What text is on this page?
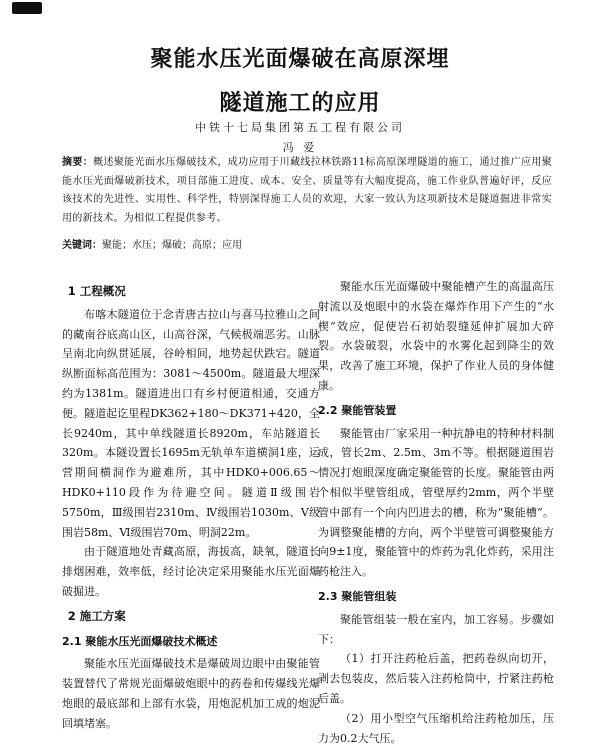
聚能水压光面爆破在高原深埋
隧道施工的应用
中铁十七局集团第五工程有限公司
冯 爱
摘要：概述聚能光面水压爆破技术，成功应用于川藏线拉林铁路11标高原深埋隧道的施工，通过推广应用聚能水压光面爆破新技术，项目部施工进度、成本、安全、质量等有大幅度提高，施工作业队普遍好评，反应该技术的先进性、实用性、科学性，特别深得施工人员的欢迎，大家一致认为这项新技术是隧道掘进非常实用的新技术。为相似工程提供参考。
关键词：聚能；水压；爆破；高原；应用
1 工程概况

布喀木隧道位于念青唐古拉山与喜马拉雅山之间的藏南谷底高山区，山高谷深，气候极端恶劣。山脉呈南北向纵贯延展，谷岭相间，地势起伏跌宕。隧道纵断面标高范围为：3081～4500m。隧道最大埋深约为1381m。隧道进出口有乡村便道相通，交通方便。隧道起讫里程DK362+180～DK371+420，全长9240m，其中单线隧道长8920m，车站隧道长320m。本隧设置长1695m无轨单车道横洞1座，运营期间横洞作为避难所，其中HDK0+006.65～HDK0+110段作为待避空间。隧道Ⅱ级围岩5750m，Ⅲ级围岩2310m、Ⅳ级围岩1030m、Ⅴ级围岩58m、Ⅵ级围岩70m、明洞22m。

由于隧道地处青藏高原，海拔高，缺氧，隧道长排烟困难，效率低，经讨论决定采用聚能水压光面爆破掘进。

2 施工方案
2.1 聚能水压光面爆破技术概述

聚能水压光面爆破技术是爆破周边眼中由聚能管装置替代了常规光面爆破炮眼中的药卷和传爆线光爆炮眼的最底部和上部有水袋，用炮泥机加工成的炮泥回填堵塞。

聚能水压光面爆破中聚能槽产生的高温高压射流以及炮眼中的水袋在爆炸作用下产生的“水楔”效应，促使岩石初始裂缝延伸扩展加大碎裂。水袋破裂，水袋中的水雾化起到降尘的效果，改善了施工环境，保护了作业人员的身体健康。

2.2 聚能管装置

聚能管由厂家采用一种抗静电的特种材料制成，管长2m、2.5m、3m不等。根据隧道围岩情况打炮眼深度确定聚能管的长度。聚能管由两个相似半壁管组成，管壁厚约2mm，两个半壁管中部有一个向内凹进去的槽，称为“聚能槽”。为调整聚能槽的方向，两个半壁管可调整聚能方向9±1度，聚能管中的炸药为乳化炸药，采用注药枪注入。

2.3 聚能管组装

聚能管组装一般在室内，加工容易。步骤如下：

（1）打开注药枪后盖，把药卷纵向切开，剥去包装皮，然后装入注药枪筒中，拧紧注药枪后盖。

（2）用小型空气压缩机给注药枪加压，压力为0.2大气压。
